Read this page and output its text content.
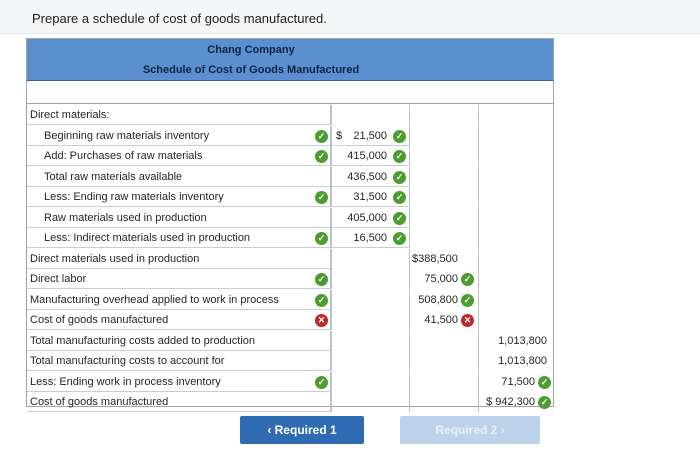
Prepare a schedule of cost of goods manufactured.
Chang Company
Schedule of Cost of Goods Manufactured
Direct materials:
Beginning raw materials inventory	✓ $ 21,500 ✓
Add: Purchases of raw materials	✓ 415,000 ✓
Total raw materials available	436,500 ✓
Less: Ending raw materials inventory	✓	31,500 ✓
Raw materials used in production	405,000 ✓
Less: Indirect materials used in production	✓	16,500 ✓
Direct materials used in production	$388,500
Direct labor	✓	75,000 ✓
Manufacturing overhead applied to work in process	✓	508,800 ✓
Cost of goods manufactured	✕	41,500 ✕
Total manufacturing costs added to production	1,013,800
Total manufacturing costs to account for	1,013,800
Less: Ending work in process inventory	✓	71,500 ✓
Cost of goods manufactured	$ 942,300 ✓
‹ Required 1	Required 2 ›
